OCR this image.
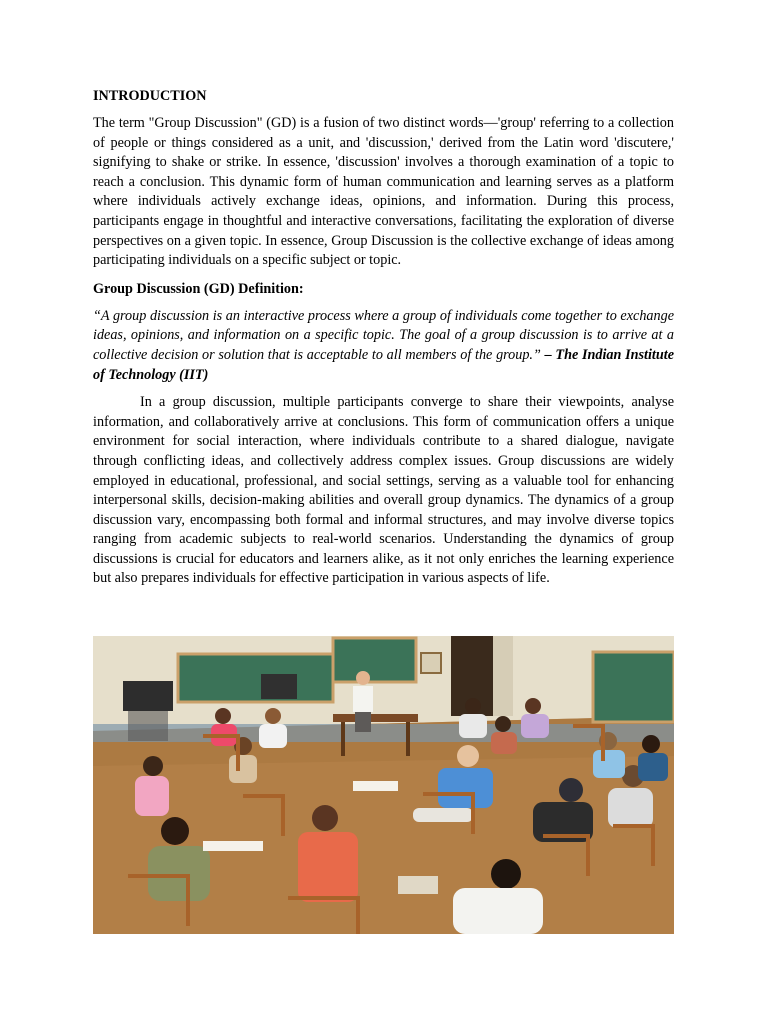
INTRODUCTION

The term "Group Discussion" (GD) is a fusion of two distinct words—'group' referring to a collection of people or things considered as a unit, and 'discussion,' derived from the Latin word 'discutere,' signifying to shake or strike. In essence, 'discussion' involves a thorough examination of a topic to reach a conclusion. This dynamic form of human communication and learning serves as a platform where individuals actively exchange ideas, opinions, and information. During this process, participants engage in thoughtful and interactive conversations, facilitating the exploration of diverse perspectives on a given topic. In essence, Group Discussion is the collective exchange of ideas among participating individuals on a specific subject or topic.

Group Discussion (GD) Definition:

“A group discussion is an interactive process where a group of individuals come together to exchange ideas, opinions, and information on a specific topic. The goal of a group discussion is to arrive at a collective decision or solution that is acceptable to all members of the group.” – The Indian Institute of Technology (IIT)

In a group discussion, multiple participants converge to share their viewpoints, analyse information, and collaboratively arrive at conclusions. This form of communication offers a unique environment for social interaction, where individuals contribute to a shared dialogue, navigate through conflicting ideas, and collectively address complex issues. Group discussions are widely employed in educational, professional, and social settings, serving as a valuable tool for enhancing interpersonal skills, decision-making abilities and overall group dynamics. The dynamics of a group discussion vary, encompassing both formal and informal structures, and may involve diverse topics ranging from academic subjects to real-world scenarios. Understanding the dynamics of group discussions is crucial for educators and learners alike, as it not only enriches the learning experience but also prepares individuals for effective participation in various aspects of life.
